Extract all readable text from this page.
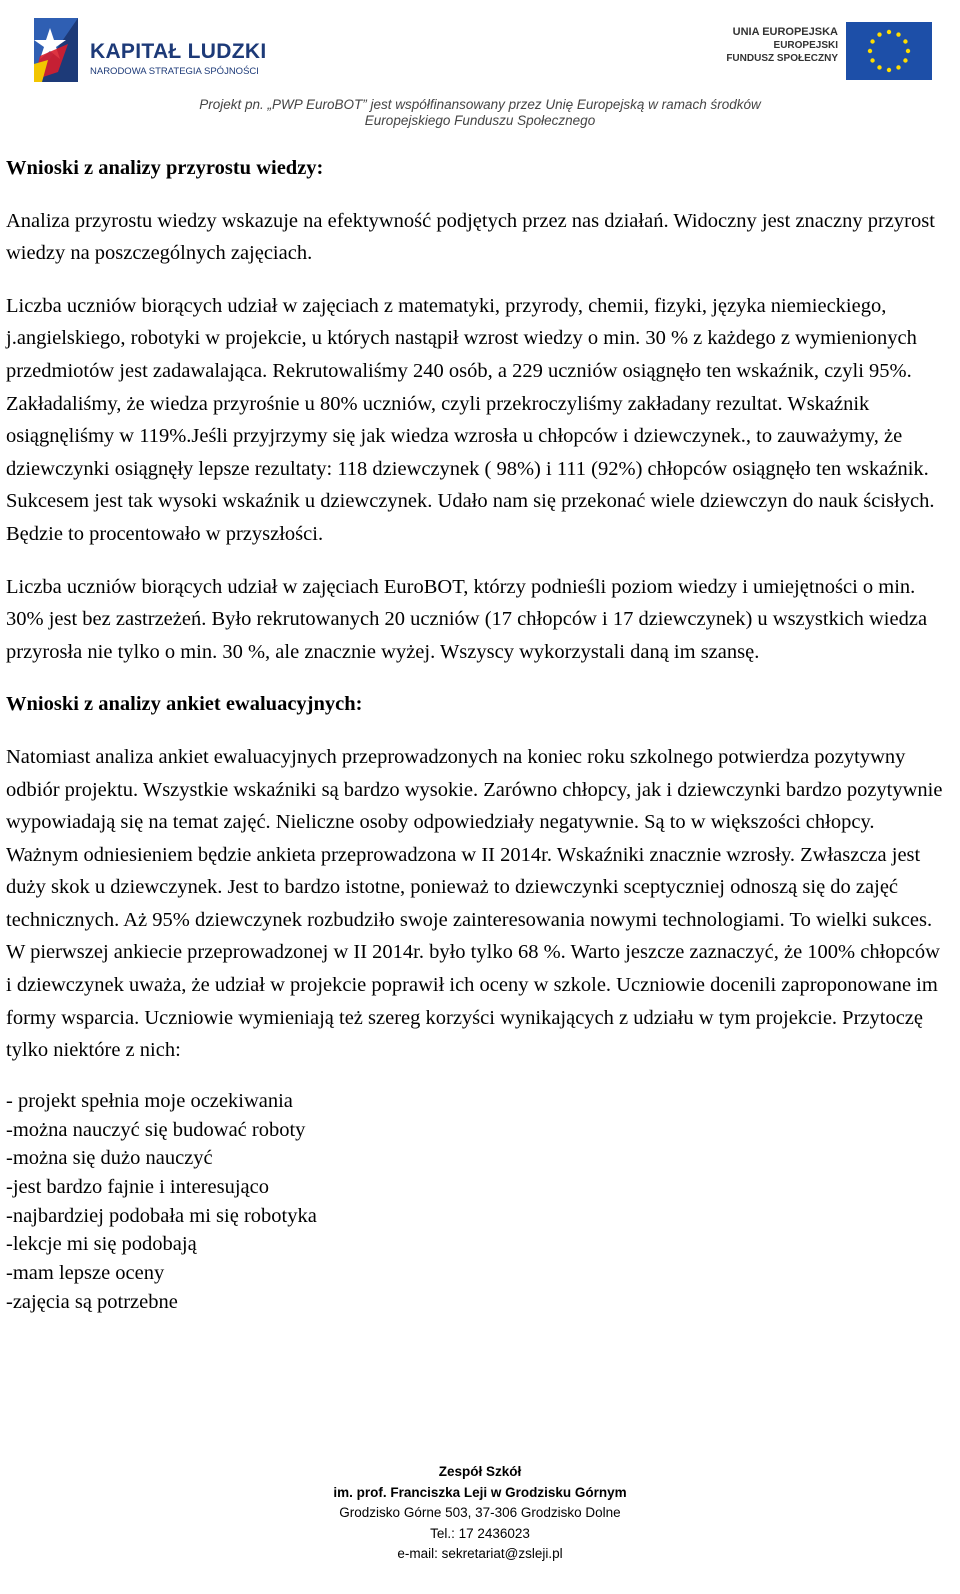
KAPITAŁ LUDZKI
NARODOWA STRATEGIA SPÓJNOŚCI
UNIA EUROPEJSKA
EUROPEJSKI
FUNDUSZ SPOŁECZNY
Projekt pn. „PWP EuroBOT” jest współfinansowany przez Unię Europejską w ramach środków
Europejskiego Funduszu Społecznego

Wnioski z analizy przyrostu wiedzy:

Analiza przyrostu wiedzy wskazuje na efektywność podjętych przez nas działań. Widoczny jest znaczny przyrost wiedzy na poszczególnych zajęciach.

Liczba uczniów biorących udział w zajęciach z matematyki, przyrody, chemii, fizyki, języka niemieckiego, j.angielskiego, robotyki w projekcie, u których nastąpił wzrost wiedzy o min. 30 % z każdego z wymienionych przedmiotów jest zadawalająca. Rekrutowaliśmy 240 osób, a 229 uczniów osiągnęło ten wskaźnik, czyli 95%. Zakładaliśmy, że wiedza przyrośnie u 80% uczniów, czyli przekroczyliśmy zakładany rezultat. Wskaźnik osiągnęliśmy w 119%.Jeśli przyjrzymy się jak wiedza wzrosła u chłopców i dziewczynek., to zauważymy, że dziewczynki osiągnęły lepsze rezultaty: 118 dziewczynek ( 98%) i 111 (92%) chłopców osiągnęło ten wskaźnik. Sukcesem jest tak wysoki wskaźnik u dziewczynek. Udało nam się przekonać wiele dziewczyn do nauk ścisłych. Będzie to procentowało w przyszłości.

Liczba uczniów biorących udział w zajęciach EuroBOT, którzy podnieśli poziom wiedzy i umiejętności o min. 30% jest bez zastrzeżeń. Było rekrutowanych 20 uczniów (17 chłopców i 17 dziewczynek) u wszystkich wiedza przyrosła nie tylko o min. 30 %, ale znacznie wyżej. Wszyscy wykorzystali daną im szansę.

Wnioski z analizy ankiet ewaluacyjnych:

Natomiast analiza ankiet ewaluacyjnych przeprowadzonych na koniec roku szkolnego potwierdza pozytywny odbiór projektu. Wszystkie wskaźniki są bardzo wysokie. Zarówno chłopcy, jak i dziewczynki bardzo pozytywnie wypowiadają się na temat zajęć. Nieliczne osoby odpowiedziały negatywnie. Są to w większości chłopcy. Ważnym odniesieniem będzie ankieta przeprowadzona w II 2014r. Wskaźniki znacznie wzrosły. Zwłaszcza jest duży skok u dziewczynek. Jest to bardzo istotne, ponieważ to dziewczynki sceptyczniej odnoszą się do zajęć technicznych. Aż 95% dziewczynek rozbudziło swoje zainteresowania nowymi technologiami. To wielki sukces. W pierwszej ankiecie przeprowadzonej w II 2014r. było tylko 68 %. Warto jeszcze zaznaczyć, że 100% chłopców i dziewczynek uważa, że udział w projekcie poprawił ich oceny w szkole. Uczniowie docenili zaproponowane im formy wsparcia. Uczniowie wymieniają też szereg korzyści wynikających z udziału w tym projekcie. Przytoczę tylko niektóre z nich:

- projekt spełnia moje oczekiwania
-można nauczyć się budować roboty
-można się dużo nauczyć
-jest bardzo fajnie i interesująco
-najbardziej podobała mi się robotyka
-lekcje mi się podobają
-mam lepsze oceny
-zajęcia są potrzebne
Zespół Szkół
im. prof. Franciszka Leji w Grodzisku Górnym
Grodzisko Górne 503, 37-306 Grodzisko Dolne
Tel.: 17 2436023
e-mail: sekretariat@zsleji.pl
